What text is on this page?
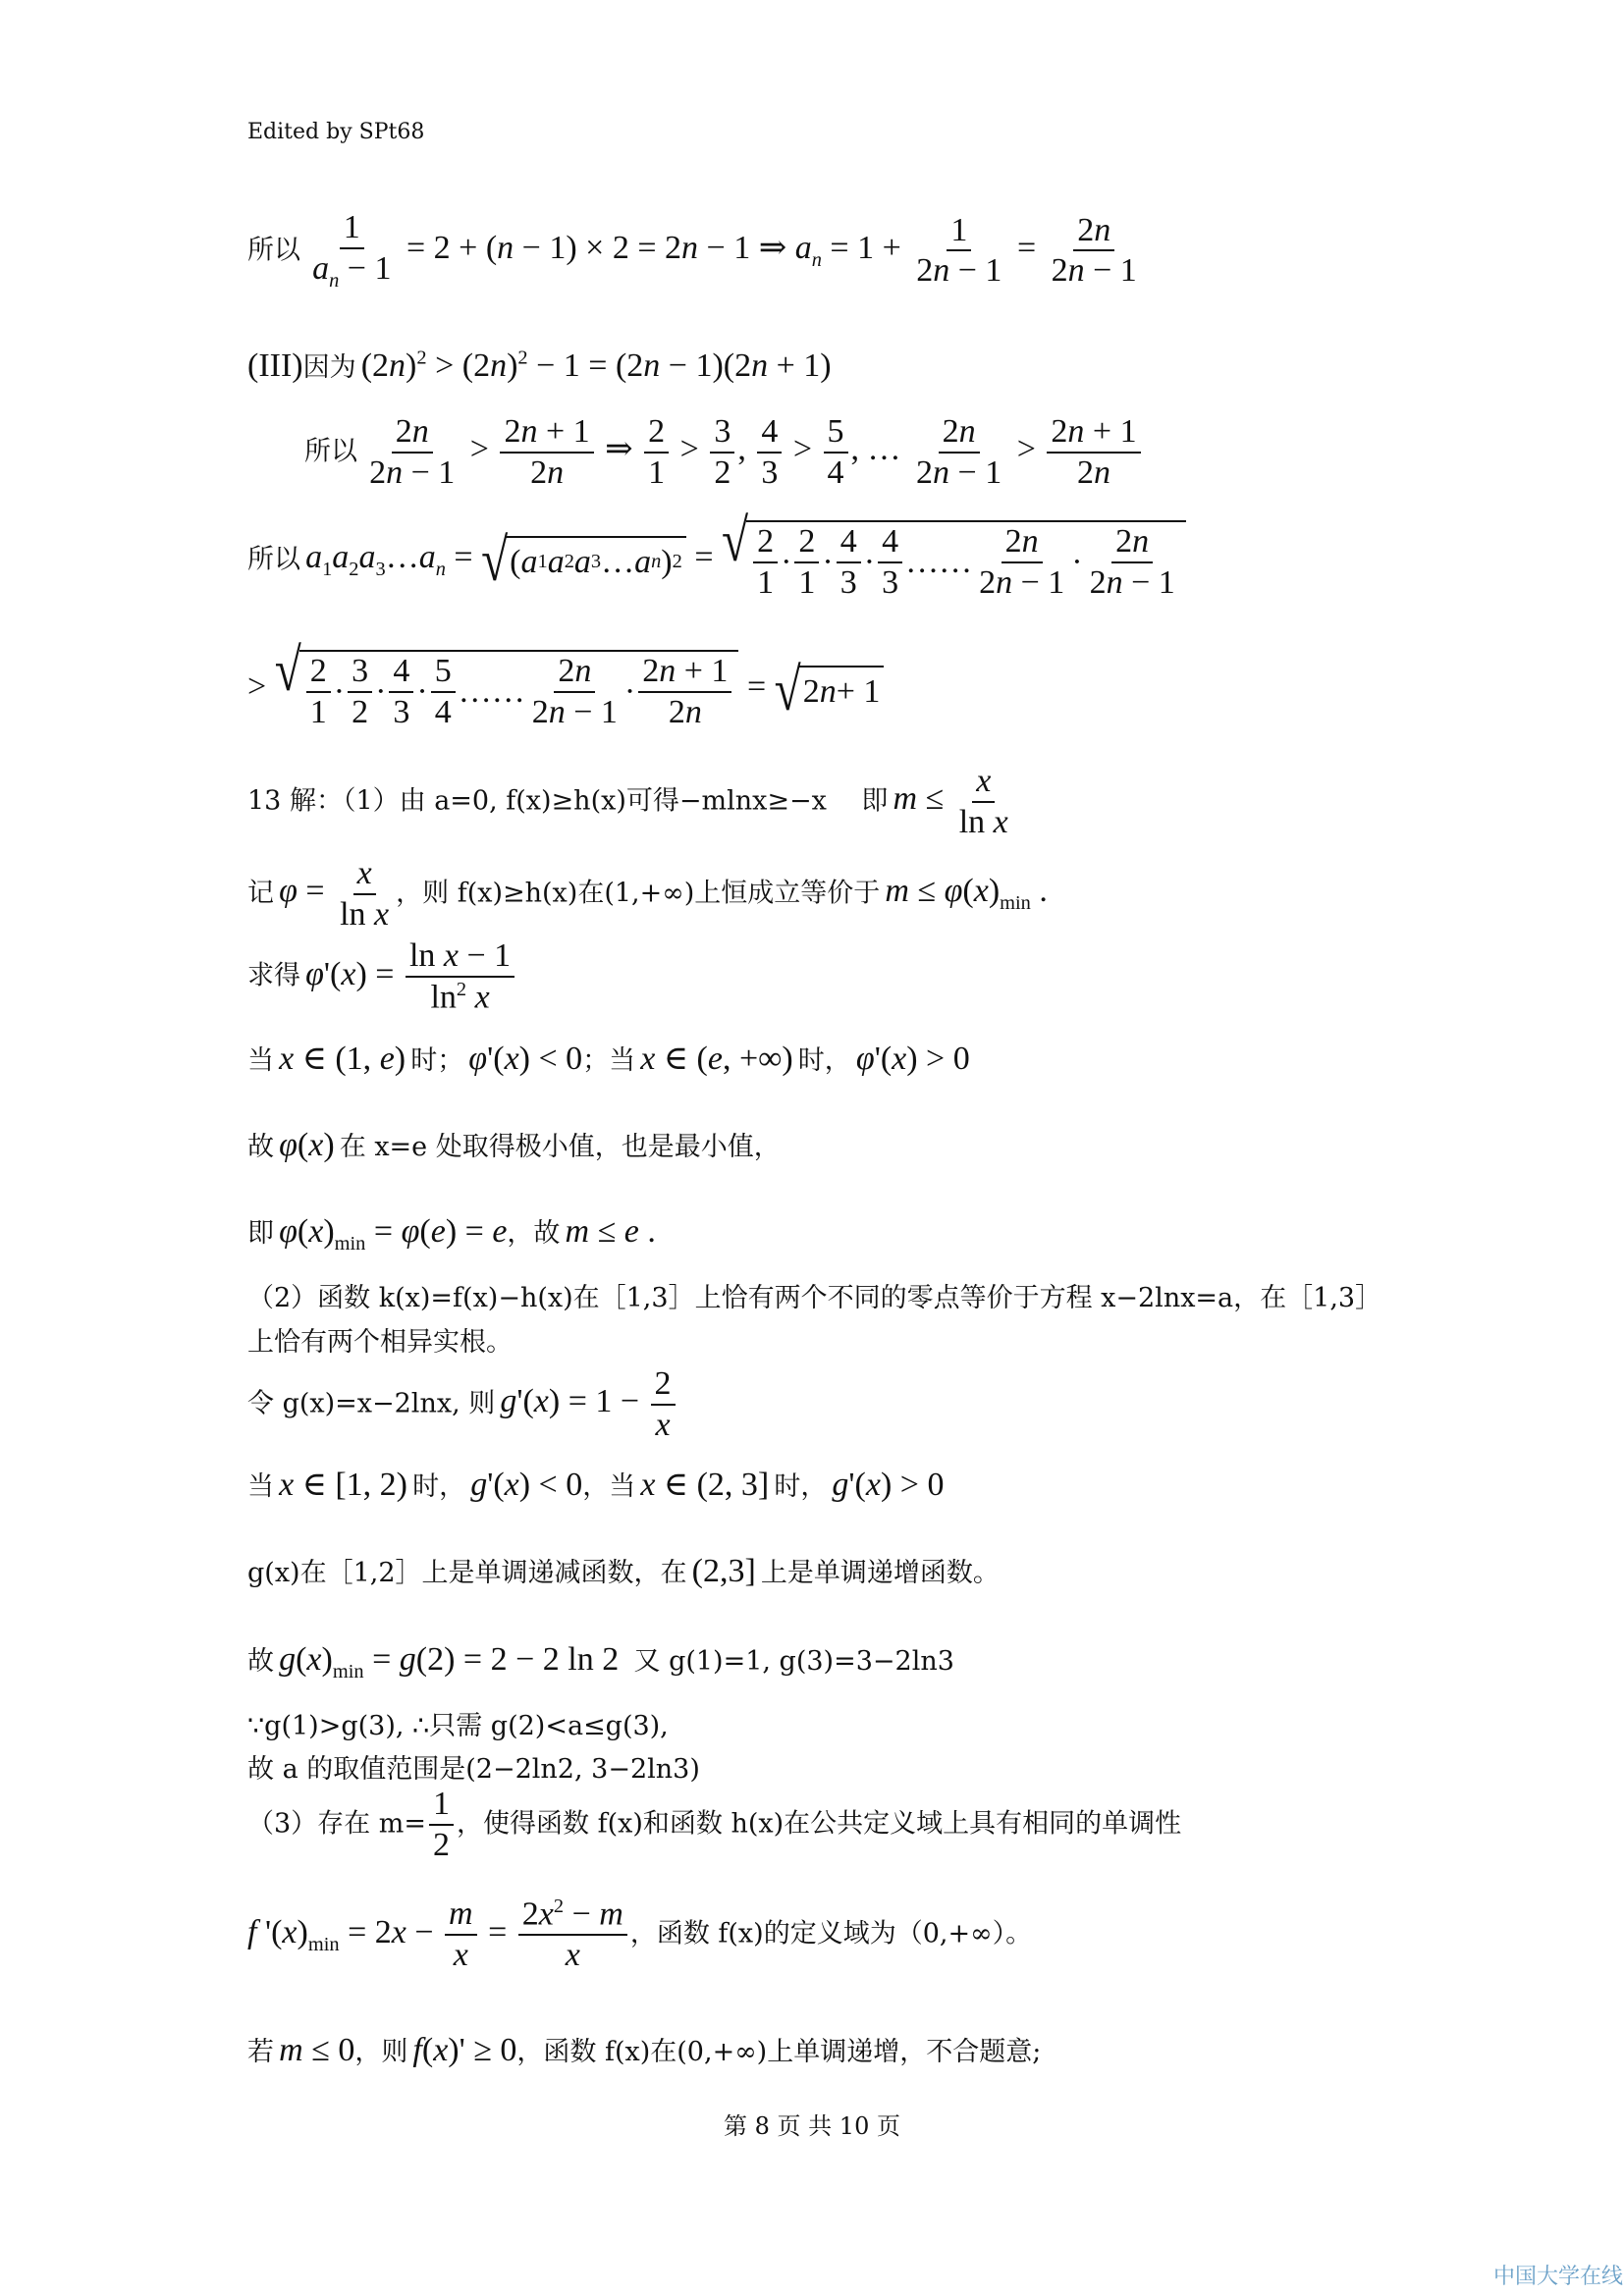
Edited by SPt68
所以 $\frac{1}{a_n - 1} = 2 + (n - 1) \times 2 = 2n - 1$ ⇒ $a_n = 1 + \frac{1}{2n - 1} = \frac{2n}{2n - 1}$
(III)因为 $(2n)^2 > (2n)^2 - 1 = (2n - 1)(2n + 1)$
所以 $\frac{2n}{2n - 1} > \frac{2n + 1}{2n}$ ⇒ $\frac{2}{1} > \frac{3}{2}$ , $\frac{4}{3} > \frac{5}{4}$ , … $\frac{2n}{2n - 1} > \frac{2n + 1}{2n}$
所以 $a_1a_2a_3\dots a_n$ = √ ( a 1 a 2 a 3 … a n ) 2 = √ $\frac{2}{1} \cdot \frac{2}{1} \cdot \frac{4}{3} \cdot \frac{4}{3}$ …… $\frac{2n}{2n - 1} \cdot \frac{2n}{2n - 1}$
> √ $\frac{2}{1} \cdot \frac{3}{2} \cdot \frac{4}{3} \cdot \frac{5}{4}$ …… $\frac{2n}{2n - 1} \cdot \frac{2n + 1}{2n}$ = √ 2 n + 1
13 解：（1）由 a=0, f(x)≥h(x)可得−mlnx≥−x　 即 $m \le \frac{x}{\text{ln x}}$
记 $\varphi = \frac{x}{\text{ln x}}$ ，则 f(x)≥h(x)在(1,+∞)上恒成立等价于 $m \le \varphi(x)_{min}$ .
求得 $\varphi'(x) = \frac{\text{ln x − 1}}{\ln^2 x}$
当 x ∈ (1, e) 时； φ'(x) < 0；当 x ∈ (e, +∞) 时， φ'(x) > 0
故 φ(x) 在 x=e 处取得极小值，也是最小值，
即 $\varphi(x)_{min} = \varphi(e) = e$，故 m ≤ e .
（2）函数 k(x)=f(x)−h(x)在［1,3］上恰有两个不同的零点等价于方程 x−2lnx=a，在［1,3］
上恰有两个相异实根。
令 g(x)=x−2lnx, 则 $g'(x) = 1 - \frac{2}{x}$
当 x ∈ [1, 2) 时， g'(x) < 0，当 x ∈ (2, 3] 时， g'(x) > 0
g(x)在［1,2］上是单调递减函数，在 (2,3] 上是单调递增函数。
故 $g(x)_{min} = g(2) = 2 - 2$ ln 2 又 g(1)=1, g(3)=3−2ln3
∵g(1)>g(3), ∴只需 g(2)<a≤g(3),
故 a 的取值范围是(2−2ln2, 3−2ln3)
（3）存在 $m= \frac{1}{2}$ ，使得函数 f(x)和函数 h(x)在公共定义域上具有相同的单调性
f '$(x)_{min} = 2x - \frac{m}{x} = \frac{2x^2 - m}{x}$ ，函数 f(x)的定义域为（0,+∞）。
若 m ≤ 0，则 f(x)' ≥ 0，函数 f(x)在(0,+∞)上单调递增，不合题意;
第 8 页 共 10 页
中国大学在线
